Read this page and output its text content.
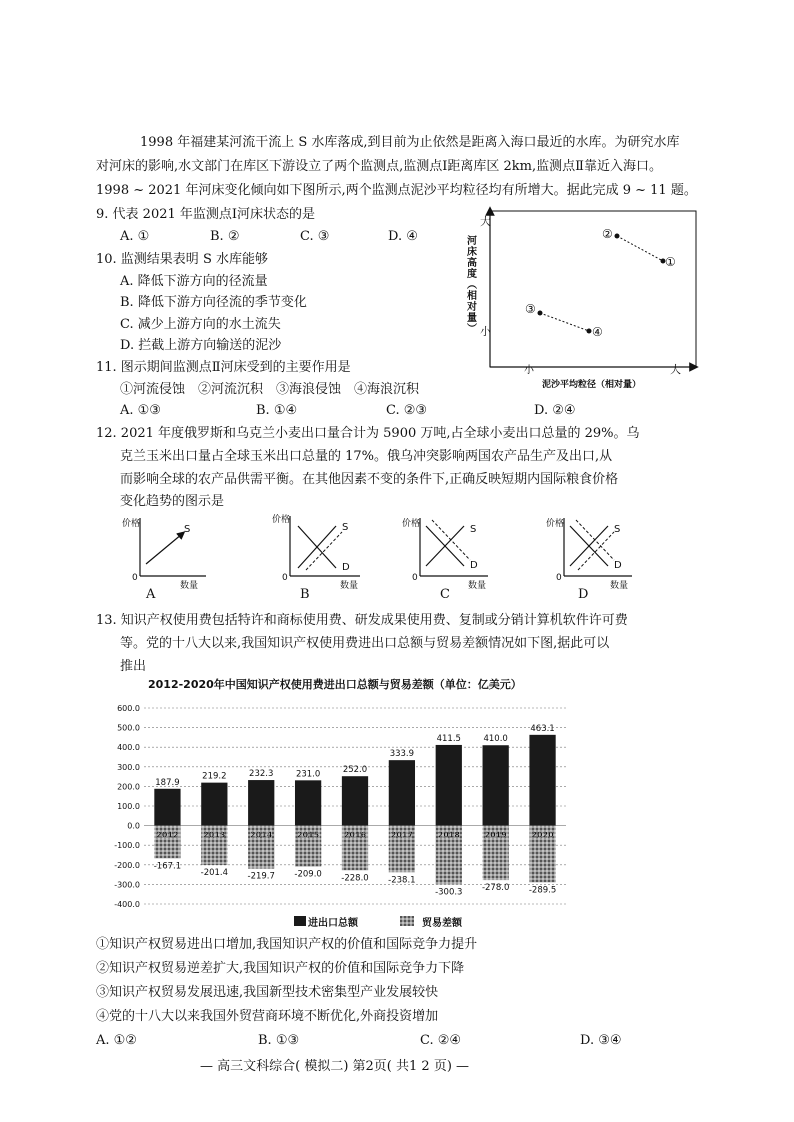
1998 年福建某河流干流上 S 水库落成,到目前为止依然是距离入海口最近的水库。为研究水库
对河床的影响,水文部门在库区下游设立了两个监测点,监测点Ⅰ距离库区 2km,监测点Ⅱ靠近入海口。
1998 ~ 2021 年河床变化倾向如下图所示,两个监测点泥沙平均粒径均有所增大。据此完成 9 ~ 11 题。
9. 代表 2021 年监测点Ⅰ河床状态的是
A. ①	B. ②	C. ③	D. ④
10. 监测结果表明 S 水库能够
A. 降低下游方向的径流量
B. 降低下游方向径流的季节变化
C. 减少上游方向的水土流失
D. 拦截上游方向输送的泥沙
11. 图示期间监测点Ⅱ河床受到的主要作用是
①河流侵蚀　②河流沉积　③海浪侵蚀　④海浪沉积
A. ①③	B. ①④	C. ②③	D. ②④
大
小
河床高度（相对量）
小
泥沙平均粒径（相对量）
大
②
①
③
④
12. 2021 年度俄罗斯和乌克兰小麦出口量合计为 5900 万吨,占全球小麦出口总量的 29%。乌
克兰玉米出口量占全球玉米出口总量的 17%。俄乌冲突影响两国农产品生产及出口,从
而影响全球的农产品供需平衡。在其他因素不变的条件下,正确反映短期内国际粮食价格
变化趋势的图示是
价格	S
0
数量
价格
S
D
0
数量
价格	S
D
0
数量
价格	S
D
0
数量
A	B	C	D
13. 知识产权使用费包括特许和商标使用费、研发成果使用费、复制或分销计算机软件许可费
等。党的十八大以来,我国知识产权使用费进出口总额与贸易差额情况如下图,据此可以
推出
2012-2020年中国知识产权使用费进出口总额与贸易差额（单位：亿美元）
600.0
500.0
400.0
300.0
200.0
100.0
0.0
-100.0
-200.0
-300.0
-400.0
187.9
-167.1
2012
219.2
-201.4
2013
232.3
-219.7
2014
231.0
-209.0
2015
252.0
-228.0
2016
333.9
-238.1
2017
411.5
-300.3
2018
410.0
-278.0
2019
463.1
-289.5
2020
进出口总额	贸易差额
①知识产权贸易进出口增加,我国知识产权的价值和国际竞争力提升
②知识产权贸易逆差扩大,我国知识产权的价值和国际竞争力下降
③知识产权贸易发展迅速,我国新型技术密集型产业发展较快
④党的十八大以来我国外贸营商环境不断优化,外商投资增加
A. ①②	B. ①③	C. ②④	D. ③④
— 高三文科综合( 模拟二) 第2页( 共1 2 页) —
